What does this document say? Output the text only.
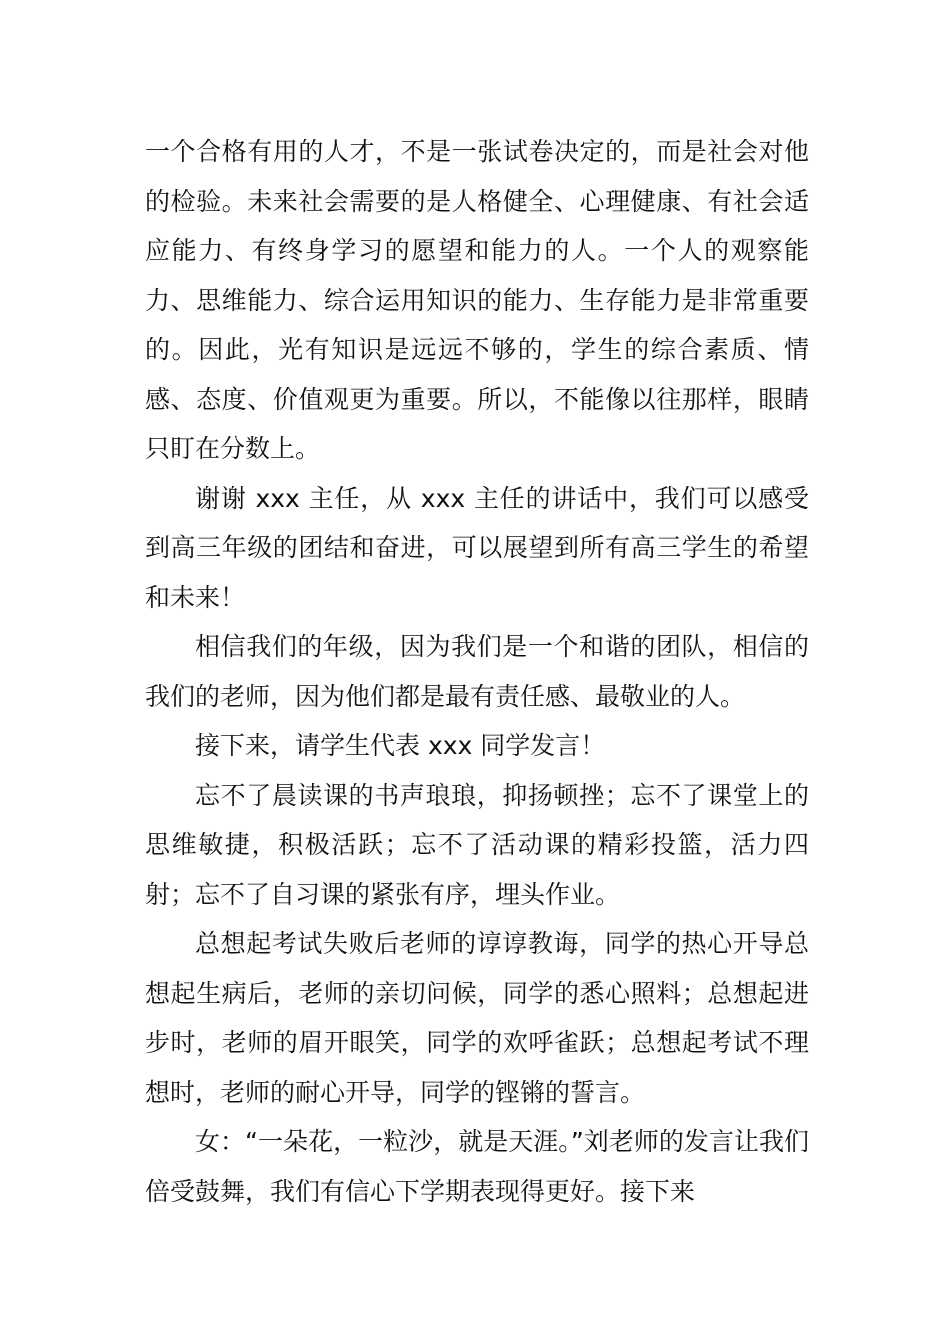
一个合格有用的人才，不是一张试卷决定的，而是社会对他的检验。未来社会需要的是人格健全、心理健康、有社会适应能力、有终身学习的愿望和能力的人。一个人的观察能力、思维能力、综合运用知识的能力、生存能力是非常重要的。因此，光有知识是远远不够的，学生的综合素质、情感、态度、价值观更为重要。所以，不能像以往那样，眼睛只盯在分数上。

谢谢 xxx 主任，从 xxx 主任的讲话中，我们可以感受到高三年级的团结和奋进，可以展望到所有高三学生的希望和未来！

相信我们的年级，因为我们是一个和谐的团队，相信的我们的老师，因为他们都是最有责任感、最敬业的人。

接下来，请学生代表 xxx 同学发言！

忘不了晨读课的书声琅琅，抑扬顿挫；忘不了课堂上的思维敏捷，积极活跃；忘不了活动课的精彩投篮，活力四射；忘不了自习课的紧张有序，埋头作业。

总想起考试失败后老师的谆谆教诲，同学的热心开导总想起生病后，老师的亲切问候，同学的悉心照料；总想起进步时，老师的眉开眼笑，同学的欢呼雀跃；总想起考试不理想时，老师的耐心开导，同学的铿锵的誓言。

女：“一朵花，一粒沙，就是天涯。”刘老师的发言让我们倍受鼓舞，我们有信心下学期表现得更好。接下来
